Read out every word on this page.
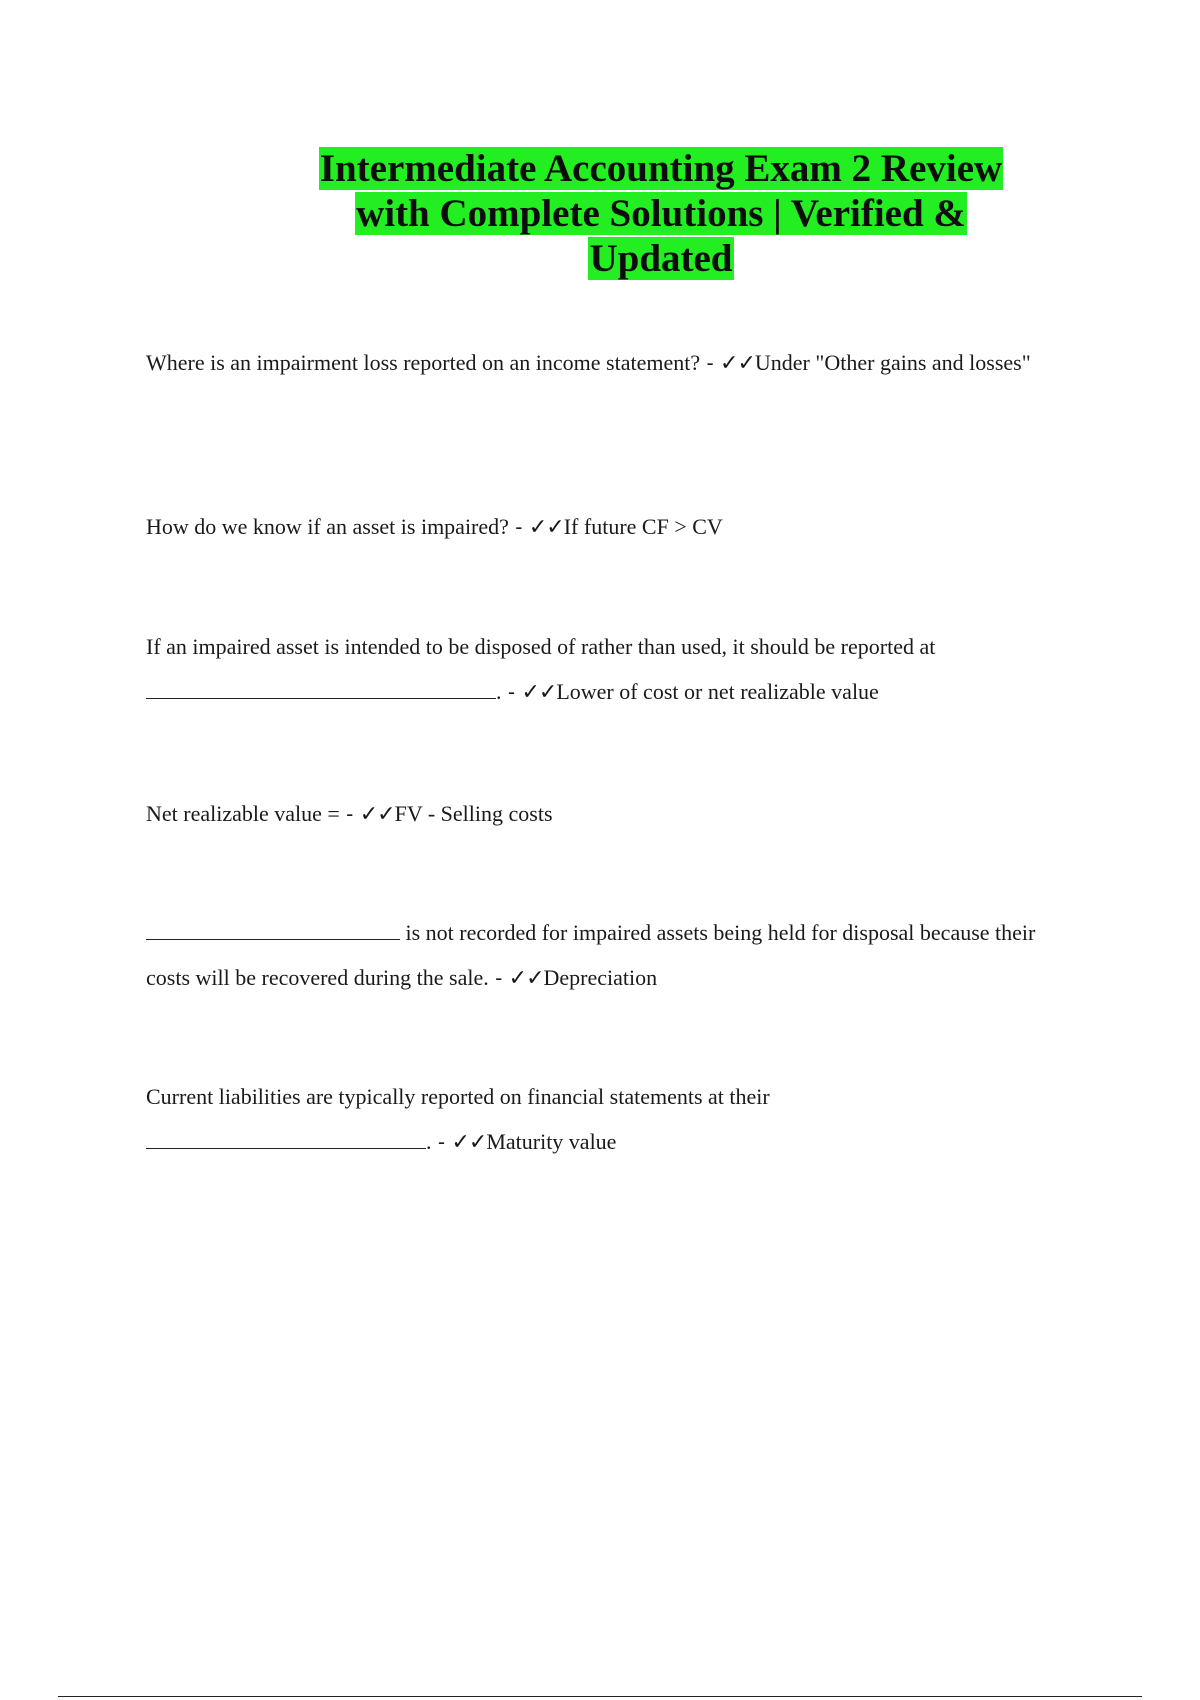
Intermediate Accounting Exam 2 Review
with Complete Solutions | Verified &
Updated

Where is an impairment loss reported on an income statement? - ✓✓Under "Other gains and losses"

How do we know if an asset is impaired? - ✓✓If future CF > CV

If an impaired asset is intended to be disposed of rather than used, it should be reported at
. - ✓✓Lower of cost or net realizable value

Net realizable value = - ✓✓FV - Selling costs

is not recorded for impaired assets being held for disposal because their costs will be recovered during the sale. - ✓✓Depreciation

Current liabilities are typically reported on financial statements at their
. - ✓✓Maturity value
